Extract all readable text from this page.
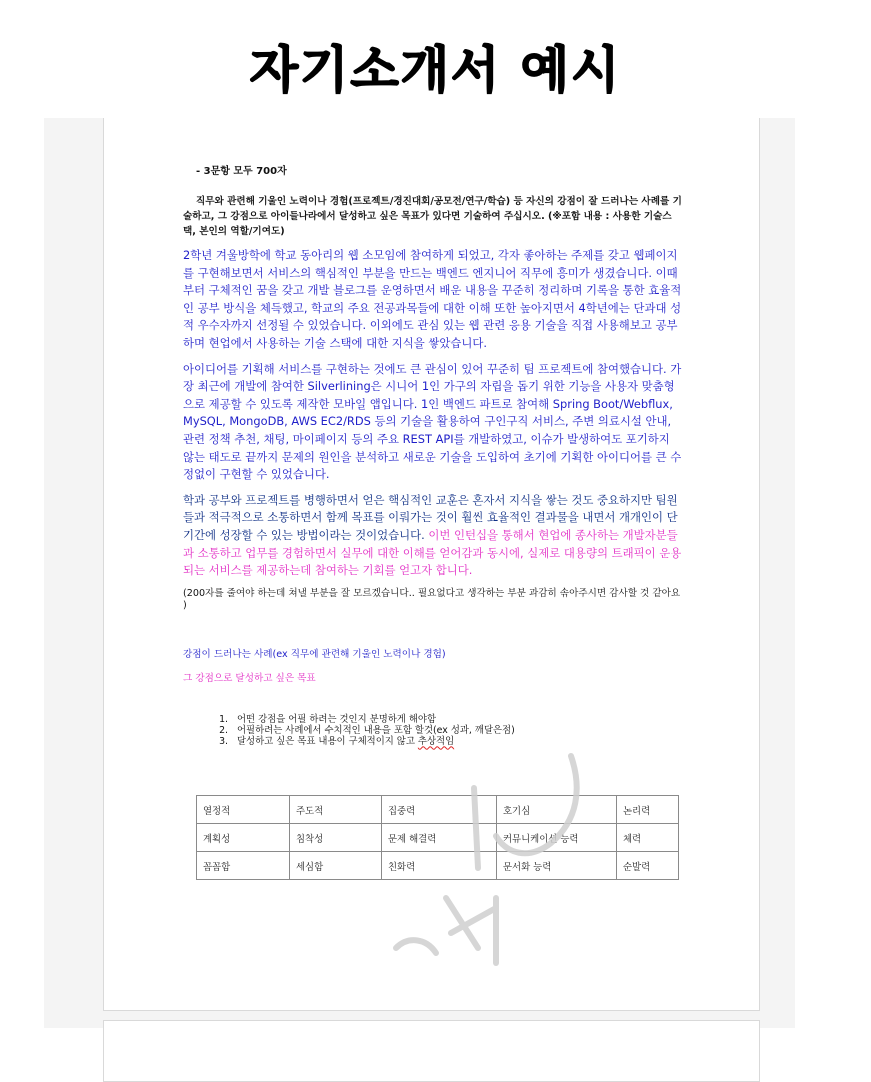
자기소개서 예시
- 3문항 모두 700자
직무와 관련해 기울인 노력이나 경험(프로젝트/경진대회/공모전/연구/학습) 등 자신의 강점이 잘 드러나는 사례를 기술하고, 그 강점으로 아이들나라에서 달성하고 싶은 목표가 있다면 기술하여 주십시오. (※포함 내용 : 사용한 기술스택, 본인의 역할/기여도)
2학년 겨울방학에 학교 동아리의 웹 소모임에 참여하게 되었고, 각자 좋아하는 주제를 갖고 웹페이지를 구현해보면서 서비스의 핵심적인 부분을 만드는 백엔드 엔지니어 직무에 흥미가 생겼습니다. 이때부터 구체적인 꿈을 갖고 개발 블로그를 운영하면서 배운 내용을 꾸준히 정리하며 기록을 통한 효율적인 공부 방식을 체득했고, 학교의 주요 전공과목들에 대한 이해 또한 높아지면서 4학년에는 단과대 성적 우수자까지 선정될 수 있었습니다. 이외에도 관심 있는 웹 관련 응용 기술을 직접 사용해보고 공부하며 현업에서 사용하는 기술 스택에 대한 지식을 쌓았습니다.
아이디어를 기획해 서비스를 구현하는 것에도 큰 관심이 있어 꾸준히 팀 프로젝트에 참여했습니다. 가장 최근에 개발에 참여한 Silverlining은 시니어 1인 가구의 자립을 돕기 위한 기능을 사용자 맞춤형으로 제공할 수 있도록 제작한 모바일 앱입니다. 1인 백엔드 파트로 참여해 Spring Boot/Webflux, MySQL, MongoDB, AWS EC2/RDS 등의 기술을 활용하여 구인구직 서비스, 주변 의료시설 안내, 관련 정책 추천, 채팅, 마이페이지 등의 주요 REST API를 개발하였고, 이슈가 발생하여도 포기하지 않는 태도로 끝까지 문제의 원인을 분석하고 새로운 기술을 도입하여 초기에 기획한 아이디어를 큰 수정없이 구현할 수 있었습니다.
학과 공부와 프로젝트를 병행하면서 얻은 핵심적인 교훈은 혼자서 지식을 쌓는 것도 중요하지만 팀원들과 적극적으로 소통하면서 함께 목표를 이뤄가는 것이 훨씬 효율적인 결과물을 내면서 개개인이 단기간에 성장할 수 있는 방법이라는 것이었습니다. 이번 인턴십을 통해서 현업에 종사하는 개발자분들과 소통하고 업무를 경험하면서 실무에 대한 이해를 얻어감과 동시에, 실제로 대용량의 트래픽이 운용되는 서비스를 제공하는데 참여하는 기회를 얻고자 합니다.
(200자를 줄여야 하는데 쳐낼 부분을 잘 모르겠습니다.. 필요없다고 생각하는 부분 과감히 솎아주시면 감사할 것 같아요 )
강점이 드러나는 사례(ex 직무에 관련해 기울인 노력이나 경험)
그 강점으로 달성하고 싶은 목표
1. 어떤 강점을 어필 하려는 것인지 분명하게 해야함
2. 어필하려는 사례에서 수치적인 내용을 포함 할것(ex 성과, 깨달은점)
3. 달성하고 싶은 목표 내용이 구체적이지 않고 추상적임
열정적	주도적	집중력	호기심	논리력
계획성	침착성	문제 해결력	커뮤니케이션 능력	체력
꼼꼼함	세심함	친화력	문서화 능력	순발력
